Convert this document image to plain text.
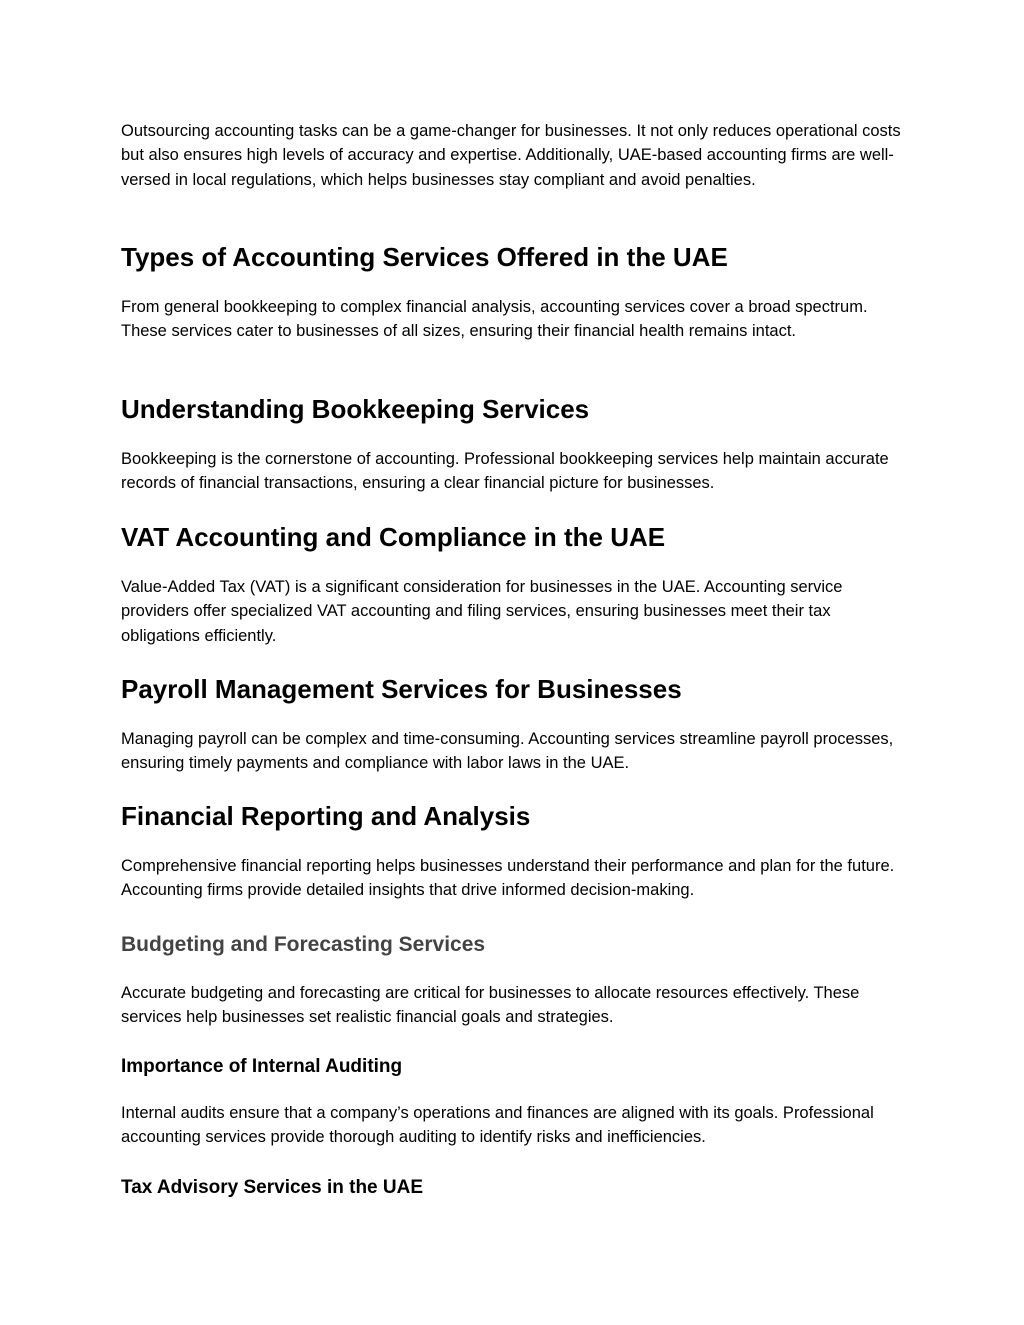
Outsourcing accounting tasks can be a game-changer for businesses. It not only reduces operational costs but also ensures high levels of accuracy and expertise. Additionally, UAE-based accounting firms are well-versed in local regulations, which helps businesses stay compliant and avoid penalties.

Types of Accounting Services Offered in the UAE

From general bookkeeping to complex financial analysis, accounting services cover a broad spectrum. These services cater to businesses of all sizes, ensuring their financial health remains intact.

Understanding Bookkeeping Services

Bookkeeping is the cornerstone of accounting. Professional bookkeeping services help maintain accurate records of financial transactions, ensuring a clear financial picture for businesses.

VAT Accounting and Compliance in the UAE

Value-Added Tax (VAT) is a significant consideration for businesses in the UAE. Accounting service providers offer specialized VAT accounting and filing services, ensuring businesses meet their tax obligations efficiently.

Payroll Management Services for Businesses

Managing payroll can be complex and time-consuming. Accounting services streamline payroll processes, ensuring timely payments and compliance with labor laws in the UAE.

Financial Reporting and Analysis

Comprehensive financial reporting helps businesses understand their performance and plan for the future. Accounting firms provide detailed insights that drive informed decision-making.

Budgeting and Forecasting Services

Accurate budgeting and forecasting are critical for businesses to allocate resources effectively. These services help businesses set realistic financial goals and strategies.

Importance of Internal Auditing

Internal audits ensure that a company’s operations and finances are aligned with its goals. Professional accounting services provide thorough auditing to identify risks and inefficiencies.

Tax Advisory Services in the UAE
